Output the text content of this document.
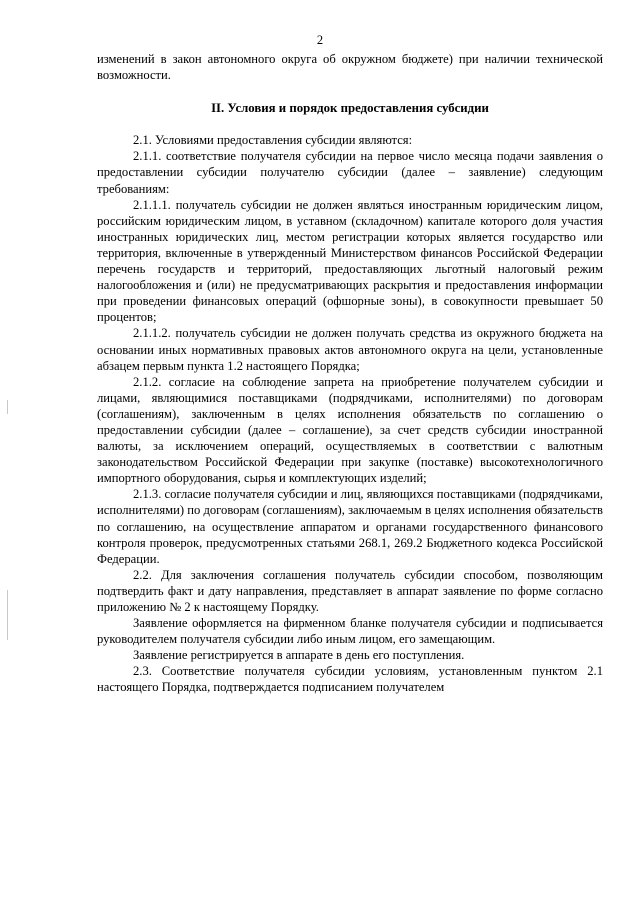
2

изменений в закон автономного округа об окружном бюджете) при наличии технической возможности.

II. Условия и порядок предоставления субсидии

2.1. Условиями предоставления субсидии являются:

2.1.1. соответствие получателя субсидии на первое число месяца подачи заявления о предоставлении субсидии получателю субсидии (далее – заявление) следующим требованиям:

2.1.1.1. получатель субсидии не должен являться иностранным юридическим лицом, российским юридическим лицом, в уставном (складочном) капитале которого доля участия иностранных юридических лиц, местом регистрации которых является государство или территория, включенные в утвержденный Министерством финансов Российской Федерации перечень государств и территорий, предоставляющих льготный налоговый режим налогообложения и (или) не предусматривающих раскрытия и предоставления информации при проведении финансовых операций (офшорные зоны), в совокупности превышает 50 процентов;

2.1.1.2. получатель субсидии не должен получать средства из окружного бюджета на основании иных нормативных правовых актов автономного округа на цели, установленные абзацем первым пункта 1.2 настоящего Порядка;

2.1.2. согласие на соблюдение запрета на приобретение получателем субсидии и лицами, являющимися поставщиками (подрядчиками, исполнителями) по договорам (соглашениям), заключенным в целях исполнения обязательств по соглашению о предоставлении субсидии (далее – соглашение), за счет средств субсидии иностранной валюты, за исключением операций, осуществляемых в соответствии с валютным законодательством Российской Федерации при закупке (поставке) высокотехнологичного импортного оборудования, сырья и комплектующих изделий;

2.1.3. согласие получателя субсидии и лиц, являющихся поставщиками (подрядчиками, исполнителями) по договорам (соглашениям), заключаемым в целях исполнения обязательств по соглашению, на осуществление аппаратом и органами государственного финансового контроля проверок, предусмотренных статьями 268.1, 269.2 Бюджетного кодекса Российской Федерации.

2.2. Для заключения соглашения получатель субсидии способом, позволяющим подтвердить факт и дату направления, представляет в аппарат заявление по форме согласно приложению № 2 к настоящему Порядку.

Заявление оформляется на фирменном бланке получателя субсидии и подписывается руководителем получателя субсидии либо иным лицом, его замещающим.

Заявление регистрируется в аппарате в день его поступления.

2.3. Соответствие получателя субсидии условиям, установленным пунктом 2.1 настоящего Порядка, подтверждается подписанием получателем
